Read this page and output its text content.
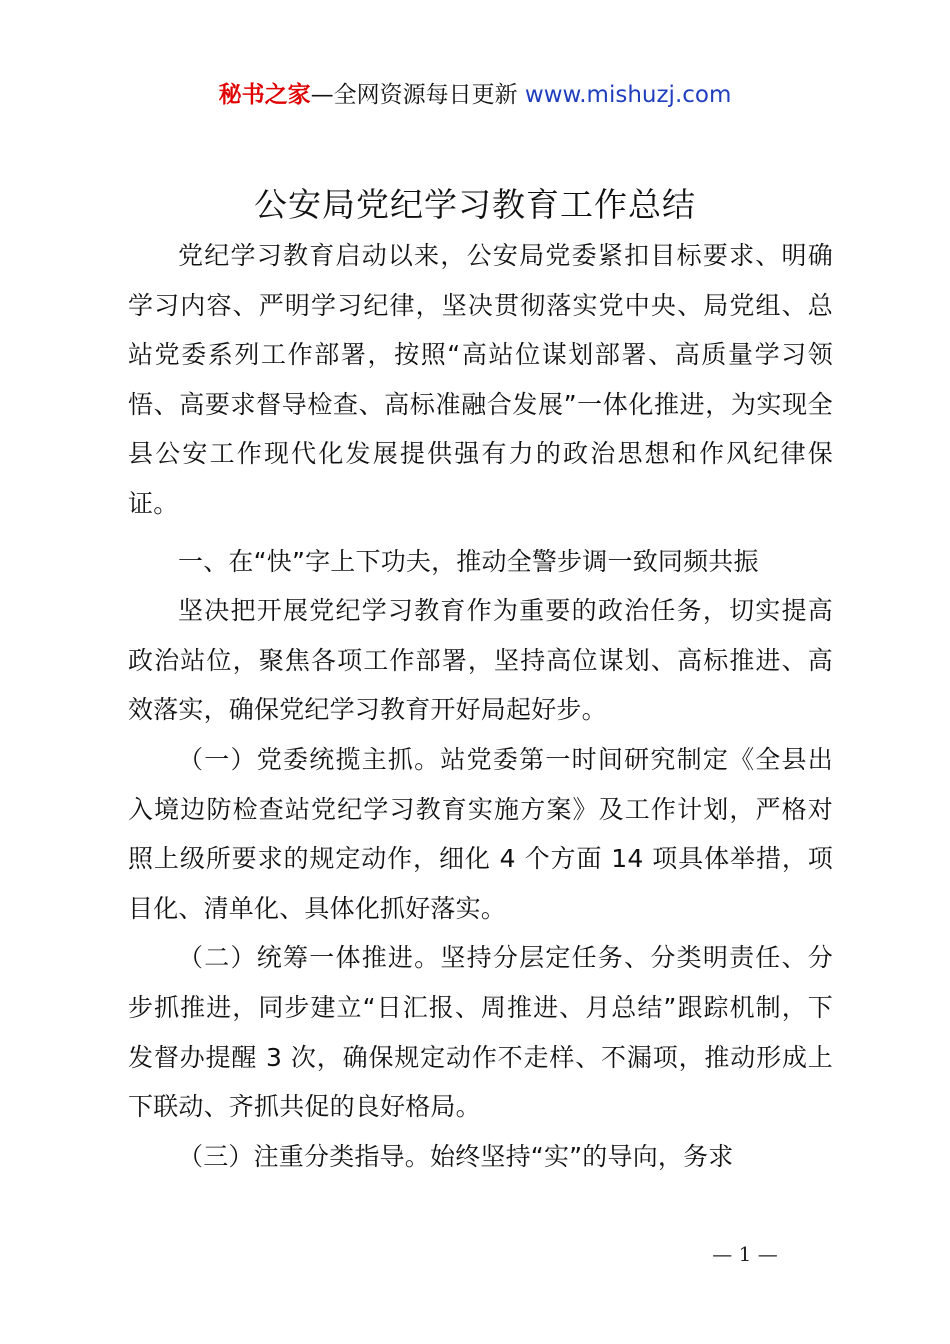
秘书之家—全网资源每日更新 www.mishuzj.com
公安局党纪学习教育工作总结

党纪学习教育启动以来，公安局党委紧扣目标要求、明确学习内容、严明学习纪律，坚决贯彻落实党中央、局党组、总站党委系列工作部署，按照“高站位谋划部署、高质量学习领悟、高要求督导检查、高标准融合发展”一体化推进，为实现全县公安工作现代化发展提供强有力的政治思想和作风纪律保证。

一、在“快”字上下功夫，推动全警步调一致同频共振

坚决把开展党纪学习教育作为重要的政治任务，切实提高政治站位，聚焦各项工作部署，坚持高位谋划、高标推进、高效落实，确保党纪学习教育开好局起好步。

（一）党委统揽主抓。站党委第一时间研究制定《全县出入境边防检查站党纪学习教育实施方案》及工作计划，严格对照上级所要求的规定动作，细化 4 个方面 14 项具体举措，项目化、清单化、具体化抓好落实。

（二）统筹一体推进。坚持分层定任务、分类明责任、分步抓推进，同步建立“日汇报、周推进、月总结”跟踪机制，下发督办提醒 3 次，确保规定动作不走样、不漏项，推动形成上下联动、齐抓共促的良好格局。

（三）注重分类指导。始终坚持“实”的导向，务求

— 1 —
